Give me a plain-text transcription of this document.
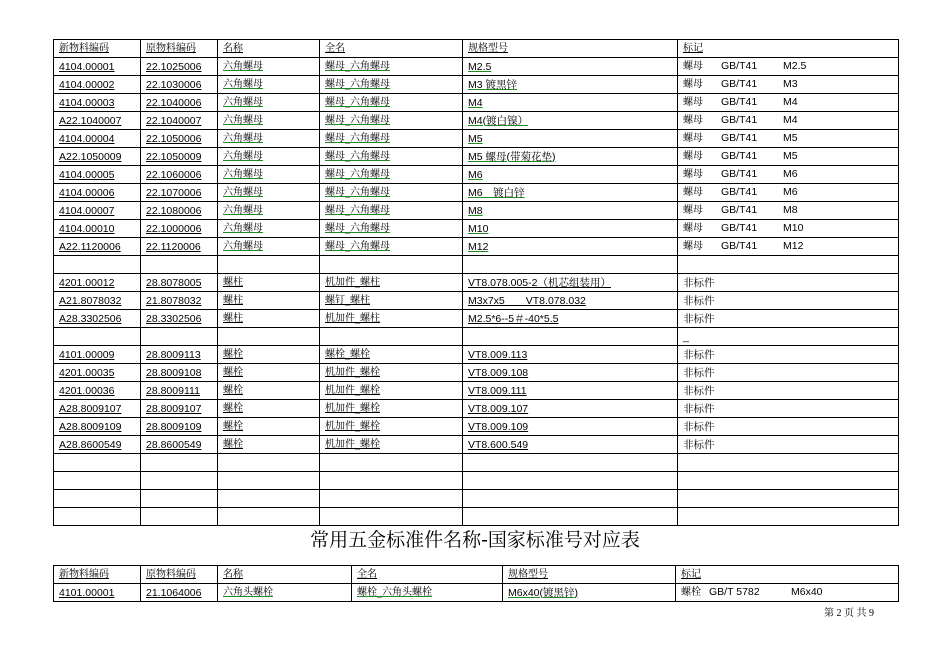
新物料编码	原物料编码	名称	全名	规格型号	标记
4104.00001	22.1025006	六角螺母	螺母_六角螺母	M2.5	螺母 GB/T41 M2.5
4104.00002	22.1030006	六角螺母	螺母_六角螺母	M3 镀黑锌	螺母 GB/T41 M3
4104.00003	22.1040006	六角螺母	螺母_六角螺母	M4	螺母 GB/T41 M4
A22.1040007	22.1040007	六角螺母	螺母_六角螺母	M4(镀白镍）	螺母 GB/T41 M4
4104.00004	22.1050006	六角螺母	螺母_六角螺母	M5	螺母 GB/T41 M5
A22.1050009	22.1050009	六角螺母	螺母_六角螺母	M5 螺母(带菊花垫)	螺母 GB/T41 M5
4104.00005	22.1060006	六角螺母	螺母_六角螺母	M6	螺母 GB/T41 M6
4104.00006	22.1070006	六角螺母	螺母_六角螺母	M6　镀白锌	螺母 GB/T41 M6
4104.00007	22.1080006	六角螺母	螺母_六角螺母	M8	螺母 GB/T41 M8
4104.00010	22.1000006	六角螺母	螺母_六角螺母	M10	螺母 GB/T41 M10
A22.1120006	22.1120006	六角螺母	螺母_六角螺母	M12	螺母 GB/T41 M12

4201.00012	28.8078005	螺柱	机加件_螺柱	VT8.078.005-2（机芯组装用）	非标件
A21.8078032	21.8078032	螺柱	螺钉_螺柱	M3x7x5　　VT8.078.032	非标件
A28.3302506	28.3302506	螺柱	机加件_螺柱	M2.5*6--5＃-40*5.5	非标件
					_
4101.00009	28.8009113	螺栓	螺栓_螺栓	VT8.009.113	非标件
4201.00035	28.8009108	螺栓	机加件_螺栓	VT8.009.108	非标件
4201.00036	28.8009111	螺栓	机加件_螺栓	VT8.009.111	非标件
A28.8009107	28.8009107	螺栓	机加件_螺栓	VT8.009.107	非标件
A28.8009109	28.8009109	螺栓	机加件_螺栓	VT8.009.109	非标件
A28.8600549	28.8600549	螺栓	机加件_螺栓	VT8.600.549	非标件

常用五金标准件名称-国家标准号对应表
新物料编码	原物料编码	名称	全名	规格型号	标记
4101.00001	21.1064006	六角头螺栓	螺栓_六角头螺栓	M6x40(镀黑锌)	螺栓 GB/T 5782 M6x40
第 2 页 共 9
